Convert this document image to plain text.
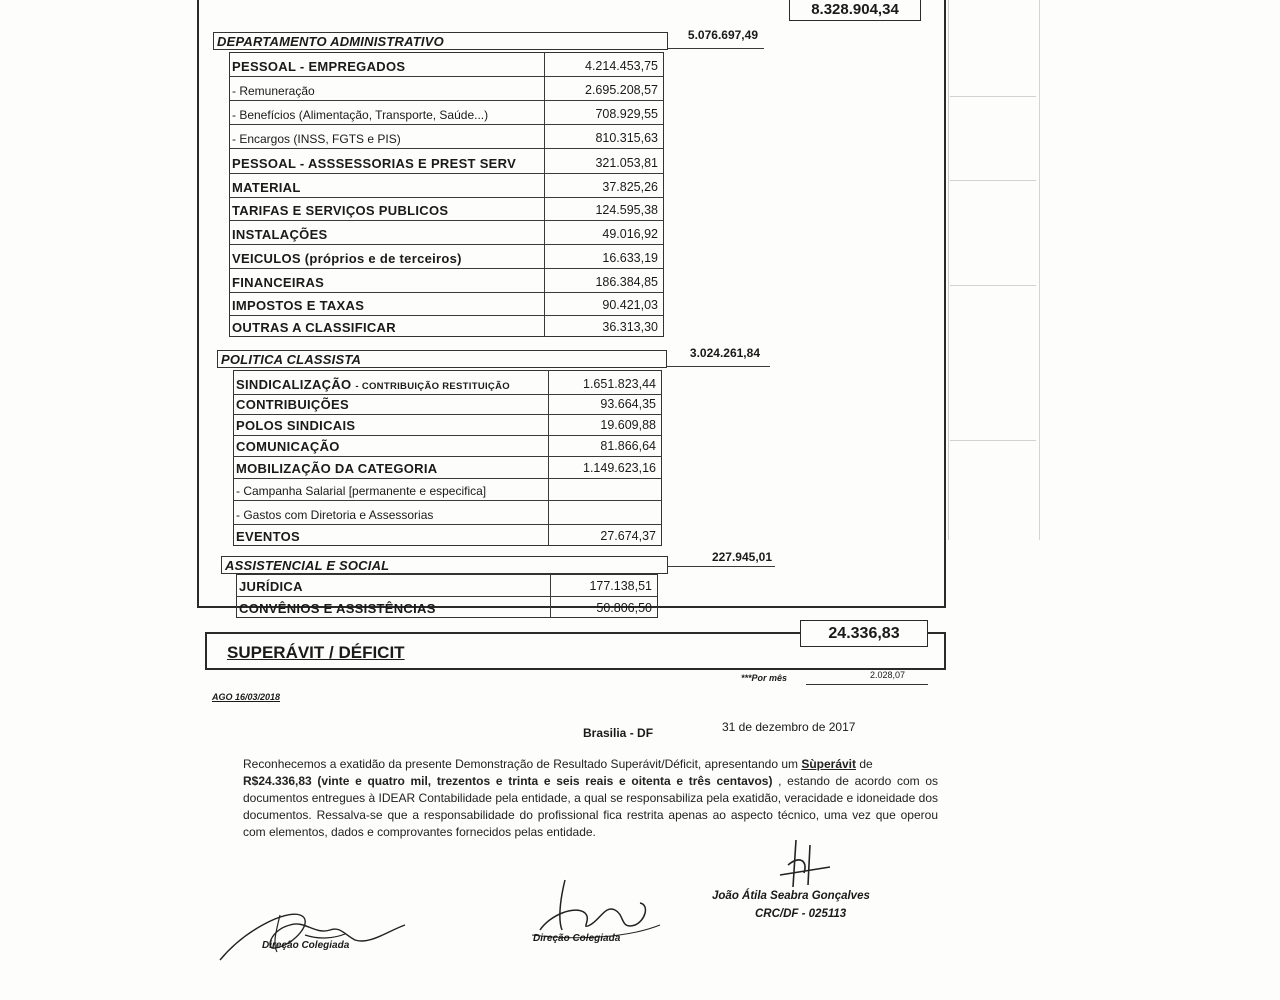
8.328.904,34
DEPARTAMENTO ADMINISTRATIVO	5.076.697,49
PESSOAL - EMPREGADOS	4.214.453,75
- Remuneração	2.695.208,57
- Benefícios (Alimentação, Transporte, Saúde...)	708.929,55
- Encargos (INSS, FGTS e PIS)	810.315,63
PESSOAL - ASSSESSORIAS E PREST SERV	321.053,81
MATERIAL	37.825,26
TARIFAS E SERVIÇOS PUBLICOS	124.595,38
INSTALAÇÕES	49.016,92
VEICULOS (próprios e de terceiros)	16.633,19
FINANCEIRAS	186.384,85
IMPOSTOS E TAXAS	90.421,03
OUTRAS A CLASSIFICAR	36.313,30
POLITICA CLASSISTA	3.024.261,84
SINDICALIZAÇÃO - CONTRIBUIÇÃO RESTITUIÇÃO	1.651.823,44
CONTRIBUIÇÕES	93.664,35
POLOS SINDICAIS	19.609,88
COMUNICAÇÃO	81.866,64
MOBILIZAÇÃO DA CATEGORIA	1.149.623,16
- Campanha Salarial [permanente e especifica]
- Gastos com Diretoria e Assessorias
EVENTOS	27.674,37
ASSISTENCIAL E SOCIAL
227.945,01
JURÍDICA	177.138,51
CONVÊNIOS E ASSISTÊNCIAS	50.806,50
SUPERÁVIT / DÉFICIT
24.336,83
***Por mês	2.028,07
AGO 16/03/2018
Brasilia - DF	31 de dezembro de 2017
Reconhecemos a exatidão da presente Demonstração de Resultado Superávit/Déficit, apresentando um Sùperávit de
R$24.336,83 (vinte e quatro mil, trezentos e trinta e seis reais e oitenta e três centavos) , estando de acordo com os documentos entregues à IDEAR Contabilidade pela entidade, a qual se responsabiliza pela exatidão, veracidade e idoneidade dos documentos. Ressalva-se que a responsabilidade do profissional fica restrita apenas ao aspecto técnico, uma vez que operou com elementos, dados e comprovantes fornecidos pelas entidade.
João Átila Seabra Gonçalves
CRC/DF - 025113
Direção Colegiada
Direção Colegiada
